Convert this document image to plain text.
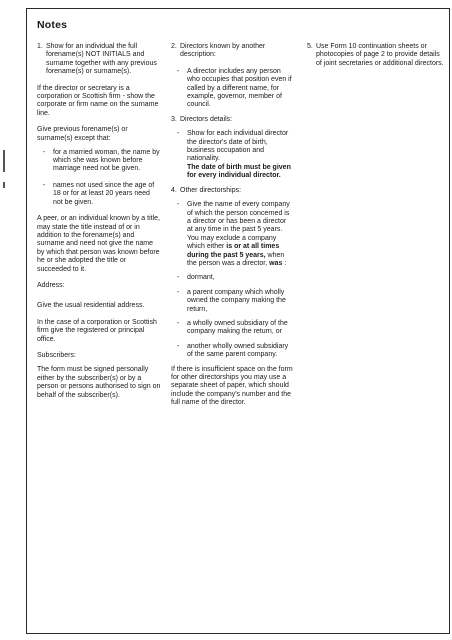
Notes
1. Show for an individual the full forename(s) NOT INITIALS and surname together with any previous forename(s) or surname(s).

If the director or secretary is a corporation or Scottish firm - show the corporate or firm name on the surname line.

Give previous forename(s) or surname(s) except that:

-	for a married woman, the name by which she was known before marriage need not be given.
-	names not used since the age of 18 or for at least 20 years need not be given.

A peer, or an individual known by a title, may state the title instead of or in addition to the forename(s) and surname and need not give the name by which that person was known before he or she adopted the title or succeeded to it.

Address:

Give the usual residential address.

In the case of a corporation or Scottish firm give the registered or principal office.

Subscribers:

The form must be signed personally either by the subscriber(s) or by a person or persons authorised to sign on behalf of the subscriber(s).

2. Directors known by another description:
-	A director includes any person who occupies that position even if called by a different name, for example, governor, member of council.
3. Directors details:
-	Show for each individual director the director's date of birth, business occupation and nationality.
The date of birth must be given for every individual director.
4. Other directorships:
-	Give the name of every company of which the person concerned is a director or has been a director at any time in the past 5 years. You may exclude a company which either is or at all times during the past 5 years, when the person was a director, was :
-	dormant,
-	a parent company which wholly owned the company making the return,
-	a wholly owned subsidiary of the company making the return, or
-	another wholly owned subsidiary of the same parent company.

If there is insufficient space on the form for other directorships you may use a separate sheet of paper, which should include the company's number and the full name of the director.

5. Use Form 10 continuation sheets or photocopies of page 2 to provide details of joint secretaries or additional directors.
